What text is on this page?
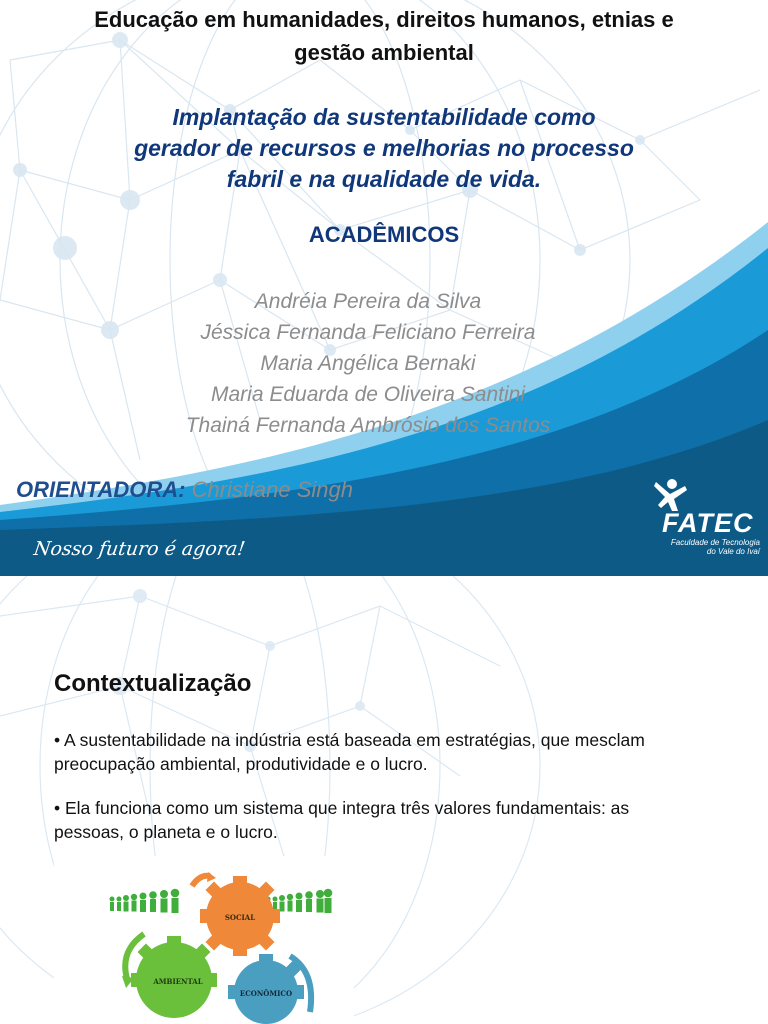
Educação em humanidades, direitos humanos, etnias e
gestão ambiental
Implantação da sustentabilidade como
gerador de recursos e melhorias no processo
fabril e na qualidade de vida.
ACADÊMICOS
Andréia Pereira da Silva
Jéssica Fernanda Feliciano Ferreira
Maria Angélica Bernaki
Maria Eduarda de Oliveira Santini
Thainá Fernanda Ambrósio dos Santos
ORIENTADORA: Christiane Singh
Nosso futuro é agora!
FATEC
Faculdade de Tecnologia
do Vale do Ivaí
Contextualização
• A sustentabilidade na indústria está baseada em estratégias, que mesclam
preocupação ambiental, produtividade e o lucro.
• Ela funciona como um sistema que integra três valores fundamentais: as
pessoas, o planeta e o lucro.
SOCIAL
AMBIENTAL
ECONÔMICO
